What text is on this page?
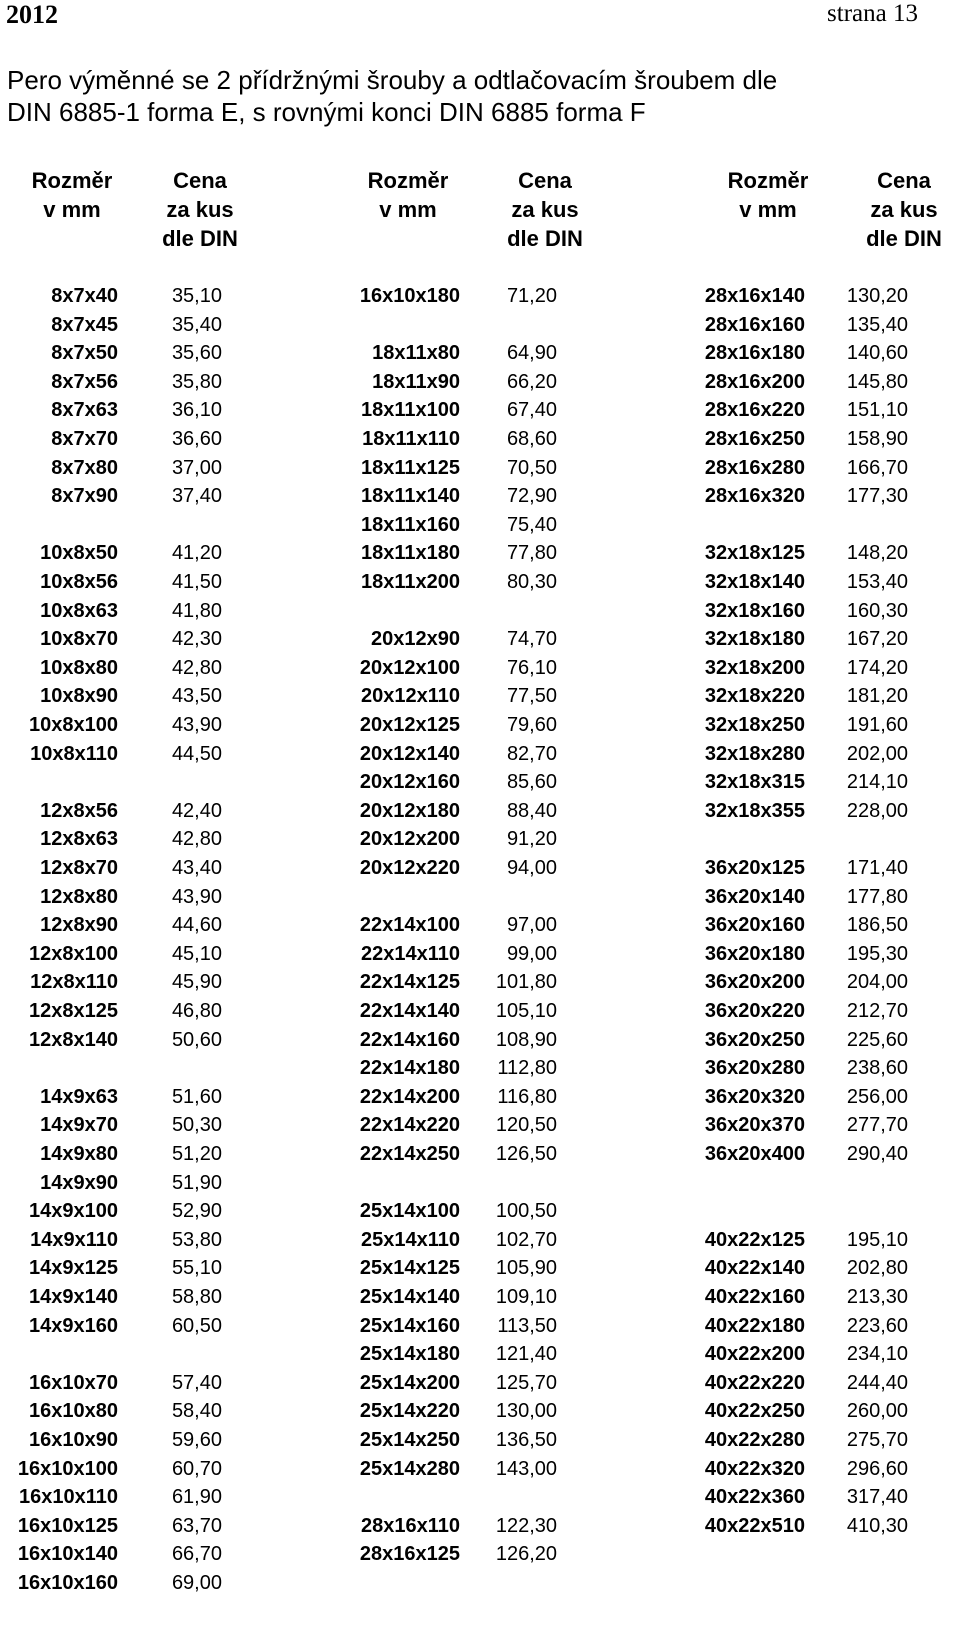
2012	strana 13
Pero výměnné se 2 přídržnými šrouby a odtlačovacím šroubem dle
DIN 6885-1 forma E, s rovnými konci DIN 6885 forma F
Rozměr
v mm
Cena
za kus
dle DIN
Rozměr
v mm
Cena
za kus
dle DIN
Rozměr
v mm
Cena
za kus
dle DIN
8x7x40	35,10
8x7x45	35,40
8x7x50	35,60
8x7x56	35,80
8x7x63	36,10
8x7x70	36,60
8x7x80	37,00
8x7x90	37,40
10x8x50	41,20
10x8x56	41,50
10x8x63	41,80
10x8x70	42,30
10x8x80	42,80
10x8x90	43,50
10x8x100	43,90
10x8x110	44,50
12x8x56	42,40
12x8x63	42,80
12x8x70	43,40
12x8x80	43,90
12x8x90	44,60
12x8x100	45,10
12x8x110	45,90
12x8x125	46,80
12x8x140	50,60
14x9x63	51,60
14x9x70	50,30
14x9x80	51,20
14x9x90	51,90
14x9x100	52,90
14x9x110	53,80
14x9x125	55,10
14x9x140	58,80
14x9x160	60,50
16x10x70	57,40
16x10x80	58,40
16x10x90	59,60
16x10x100	60,70
16x10x110	61,90
16x10x125	63,70
16x10x140	66,70
16x10x160	69,00
16x10x180	71,20
18x11x80	64,90
18x11x90	66,20
18x11x100	67,40
18x11x110	68,60
18x11x125	70,50
18x11x140	72,90
18x11x160	75,40
18x11x180	77,80
18x11x200	80,30
20x12x90	74,70
20x12x100	76,10
20x12x110	77,50
20x12x125	79,60
20x12x140	82,70
20x12x160	85,60
20x12x180	88,40
20x12x200	91,20
20x12x220	94,00
22x14x100	97,00
22x14x110	99,00
22x14x125	101,80
22x14x140	105,10
22x14x160	108,90
22x14x180	112,80
22x14x200	116,80
22x14x220	120,50
22x14x250	126,50
25x14x100	100,50
25x14x110	102,70
25x14x125	105,90
25x14x140	109,10
25x14x160	113,50
25x14x180	121,40
25x14x200	125,70
25x14x220	130,00
25x14x250	136,50
25x14x280	143,00
28x16x110	122,30
28x16x125	126,20
28x16x140	130,20
28x16x160	135,40
28x16x180	140,60
28x16x200	145,80
28x16x220	151,10
28x16x250	158,90
28x16x280	166,70
28x16x320	177,30
32x18x125	148,20
32x18x140	153,40
32x18x160	160,30
32x18x180	167,20
32x18x200	174,20
32x18x220	181,20
32x18x250	191,60
32x18x280	202,00
32x18x315	214,10
32x18x355	228,00
36x20x125	171,40
36x20x140	177,80
36x20x160	186,50
36x20x180	195,30
36x20x200	204,00
36x20x220	212,70
36x20x250	225,60
36x20x280	238,60
36x20x320	256,00
36x20x370	277,70
36x20x400	290,40
40x22x125	195,10
40x22x140	202,80
40x22x160	213,30
40x22x180	223,60
40x22x200	234,10
40x22x220	244,40
40x22x250	260,00
40x22x280	275,70
40x22x320	296,60
40x22x360	317,40
40x22x510	410,30
